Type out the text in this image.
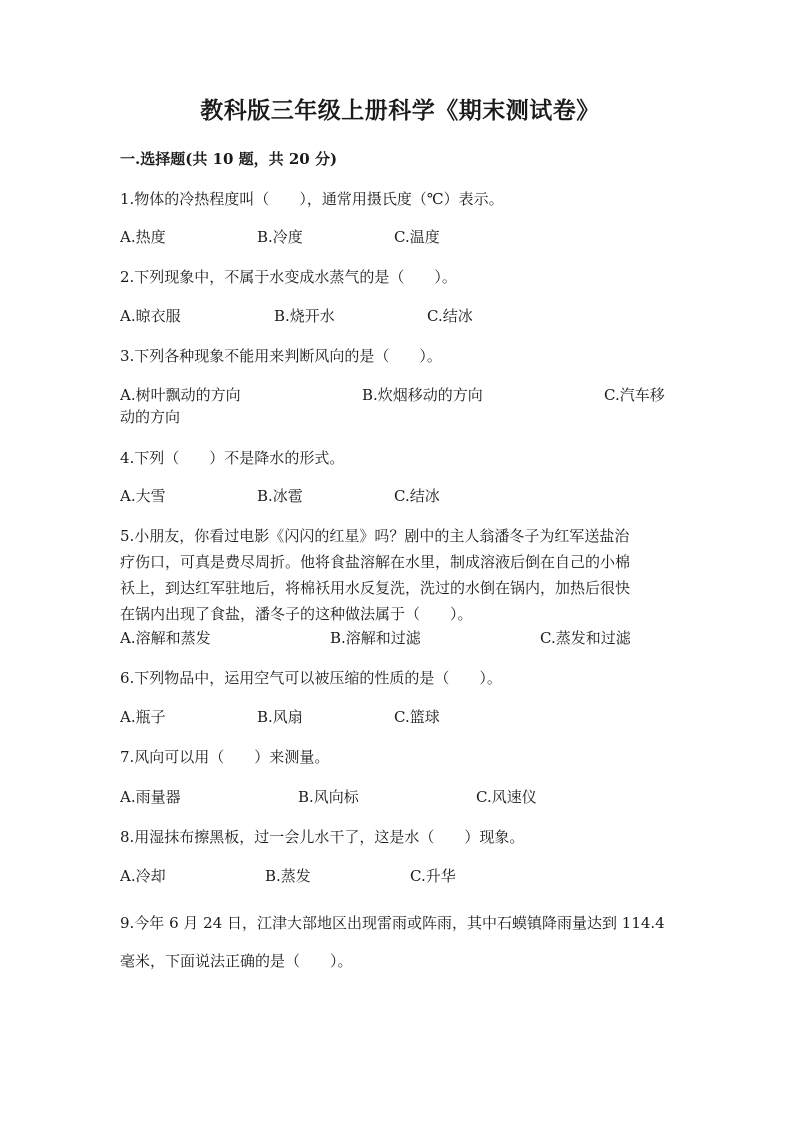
教科版三年级上册科学《期末测试卷》
一.选择题(共 10 题，共 20 分)
1.物体的冷热程度叫（　　），通常用摄氏度（℃）表示。
A.热度	B.冷度	C.温度
2.下列现象中，不属于水变成水蒸气的是（　　）。
A.晾衣服	B.烧开水	C.结冰
3.下列各种现象不能用来判断风向的是（　　）。
A.树叶飘动的方向	B.炊烟移动的方向	C.汽车移
动的方向
4.下列（　　）不是降水的形式。
A.大雪	B.冰雹	C.结冰
5.小朋友，你看过电影《闪闪的红星》吗？剧中的主人翁潘冬子为红军送盐治
疗伤口，可真是费尽周折。他将食盐溶解在水里，制成溶液后倒在自己的小棉
袄上，到达红军驻地后，将棉袄用水反复洗，洗过的水倒在锅内，加热后很快
在锅内出现了食盐，潘冬子的这种做法属于（　　）。
A.溶解和蒸发	B.溶解和过滤	C.蒸发和过滤
6.下列物品中，运用空气可以被压缩的性质的是（　　）。
A.瓶子	B.风扇	C.篮球
7.风向可以用（　　）来测量。
A.雨量器	B.风向标	C.风速仪
8.用湿抹布擦黑板，过一会儿水干了，这是水（　　）现象。
A.冷却	B.蒸发	C.升华
9.今年 6 月 24 日，江津大部地区出现雷雨或阵雨，其中石蟆镇降雨量达到 114.4
毫米，下面说法正确的是（　　）。
